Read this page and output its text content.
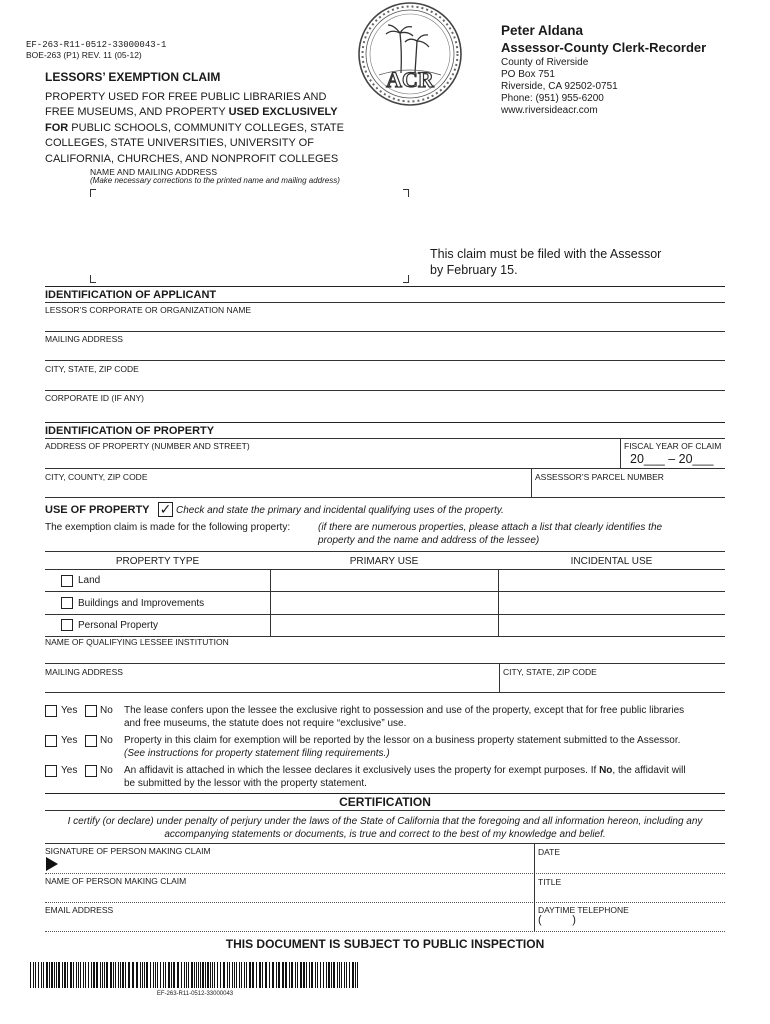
EF-263-R11-0512-33000043-1
BOE-263 (P1) REV. 11 (05-12)
ACR
Peter Aldana
Assessor-County Clerk-Recorder
County of Riverside
PO Box 751
Riverside, CA 92502-0751
Phone: (951) 955-6200
www.riversideacr.com
LESSORS’ EXEMPTION CLAIM
PROPERTY USED FOR FREE PUBLIC LIBRARIES AND
FREE MUSEUMS, AND PROPERTY USED EXCLUSIVELY
FOR PUBLIC SCHOOLS, COMMUNITY COLLEGES, STATE
COLLEGES, STATE UNIVERSITIES, UNIVERSITY OF
CALIFORNIA, CHURCHES, AND NONPROFIT COLLEGES
NAME AND MAILING ADDRESS
(Make necessary corrections to the printed name and mailing address)
This claim must be filed with the Assessor
by February 15.
IDENTIFICATION OF APPLICANT
LESSOR’S CORPORATE OR ORGANIZATION NAME
MAILING ADDRESS
CITY, STATE, ZIP CODE
CORPORATE ID (IF ANY)
IDENTIFICATION OF PROPERTY
ADDRESS OF PROPERTY (NUMBER AND STREET)	FISCAL YEAR OF CLAIM
20___ – 20___
CITY, COUNTY, ZIP CODE	ASSESSOR’S PARCEL NUMBER
USE OF PROPERTY ✓ Check and state the primary and incidental qualifying uses of the property.
The exemption claim is made for the following property:	(if there are numerous properties, please attach a list that clearly identifies the
property and the name and address of the lessee)
PROPERTY TYPE	PRIMARY USE	INCIDENTAL USE
Land
Buildings and Improvements
Personal Property
NAME OF QUALIFYING LESSEE INSTITUTION
MAILING ADDRESS	CITY, STATE, ZIP CODE
Yes No The lease confers upon the lessee the exclusive right to possession and use of the property, except that for free public libraries
and free museums, the statute does not require “exclusive” use.
Yes No Property in this claim for exemption will be reported by the lessor on a business property statement submitted to the Assessor.
(See instructions for property statement filing requirements.)
Yes No An affidavit is attached in which the lessee declares it exclusively uses the property for exempt purposes. If No, the affidavit will
be submitted by the lessor with the property statement.
CERTIFICATION
I certify (or declare) under penalty of perjury under the laws of the State of California that the foregoing and all information hereon, including any
accompanying statements or documents, is true and correct to the best of my knowledge and belief.
SIGNATURE OF PERSON MAKING CLAIM	DATE
NAME OF PERSON MAKING CLAIM	TITLE
EMAIL ADDRESS	DAYTIME TELEPHONE
(          )
THIS DOCUMENT IS SUBJECT TO PUBLIC INSPECTION
EF-263-R11-0512-33000043
